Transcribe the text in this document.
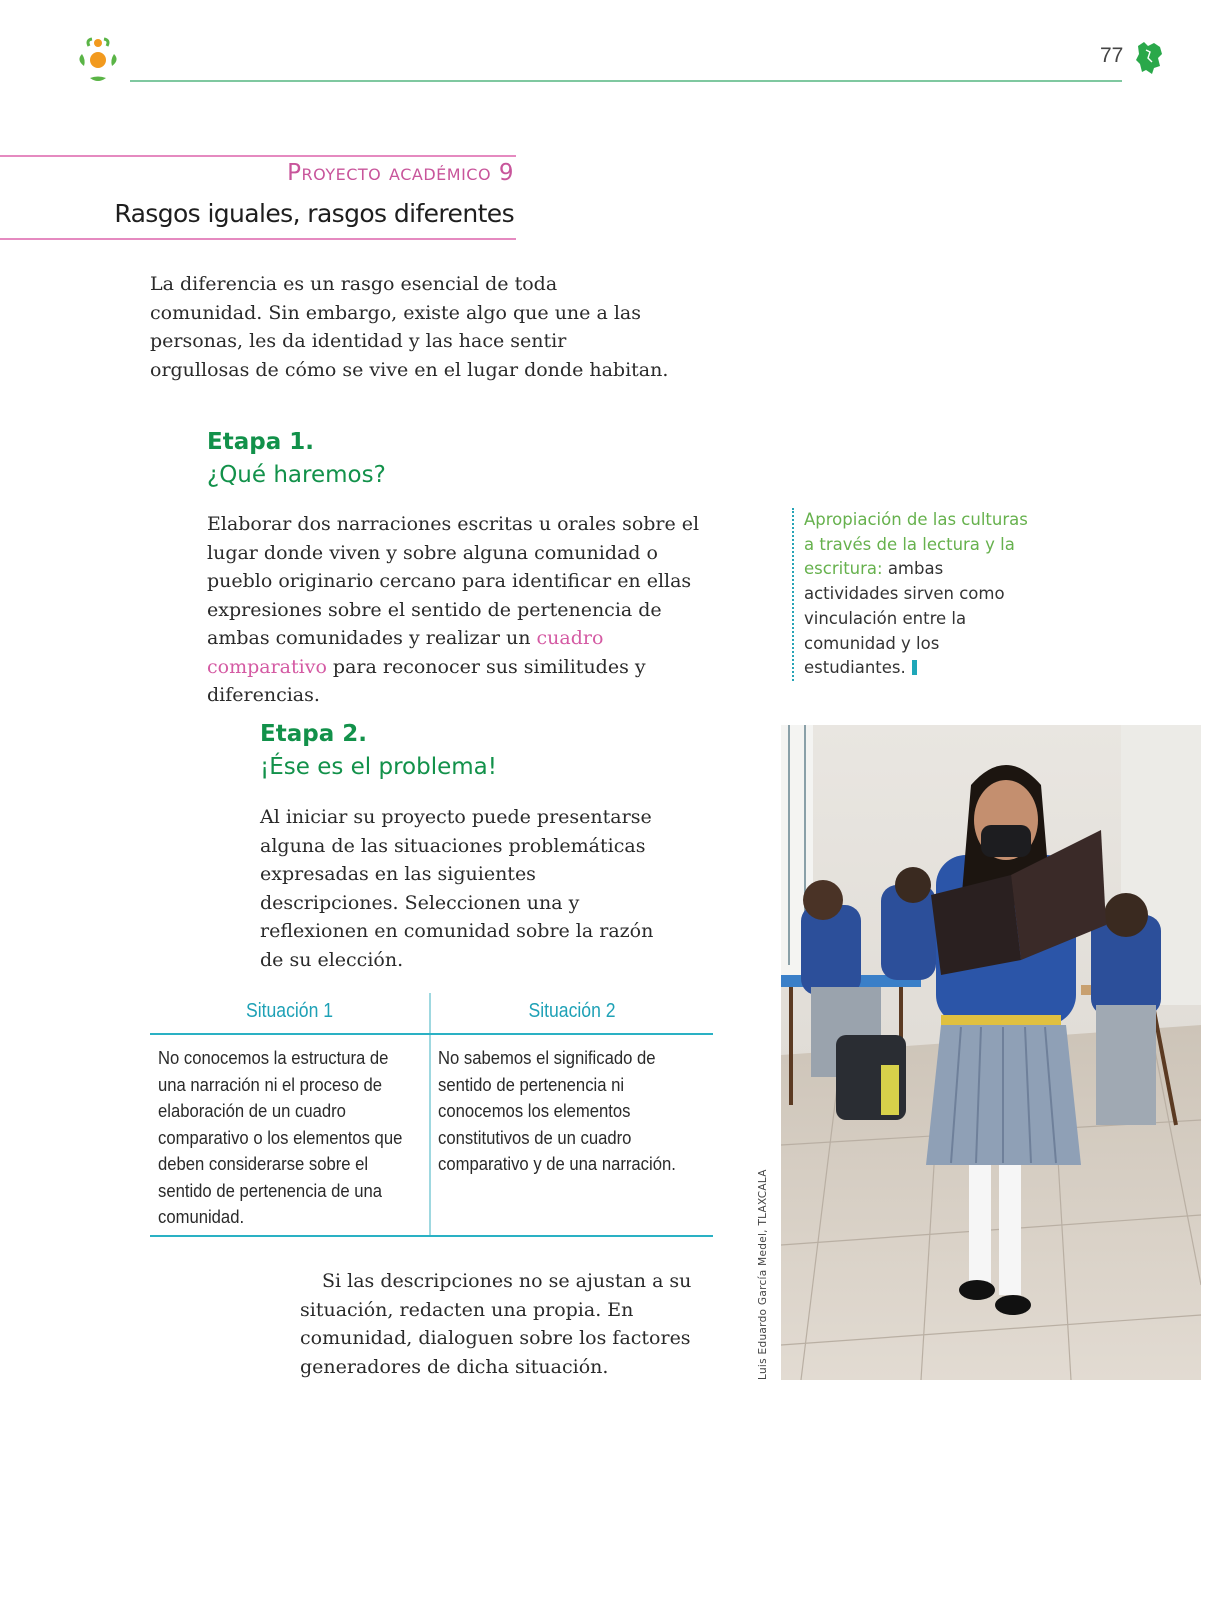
77
Proyecto académico 9
Rasgos iguales, rasgos diferentes

La diferencia es un rasgo esencial de toda comunidad. Sin embargo, existe algo que une a las personas, les da identidad y las hace sentir orgullosas de cómo se vive en el lugar donde habitan.

Etapa 1.
¿Qué haremos?

Elaborar dos narraciones escritas u orales sobre el lugar donde viven y sobre alguna comunidad o pueblo originario cercano para identificar en ellas expresiones sobre el sentido de pertenencia de ambas comunidades y realizar un cuadro comparativo para reconocer sus similitudes y diferencias.

Apropiación de las culturas a través de la lectura y la escritura: ambas actividades sirven como vinculación entre la comunidad y los estudiantes.
Etapa 2.
¡Ése es el problema!

Al iniciar su proyecto puede presentarse alguna de las situaciones problemáticas expresadas en las siguientes descripciones. Seleccionen una y reflexionen en comunidad sobre la razón de su elección.

Situación 1	Situación 2
No conocemos la estructura de una narración ni el proceso de elaboración de un cuadro comparativo o los elementos que deben considerarse sobre el sentido de pertenencia de una comunidad.
No sabemos el significado de sentido de pertenencia ni conocemos los elementos constitutivos de un cuadro comparativo y de una narración.

Si las descripciones no se ajustan a su situación, redacten una propia. En comunidad, dialoguen sobre los factores generadores de dicha situación.	Luis Eduardo García Medel, TLAXCALA
